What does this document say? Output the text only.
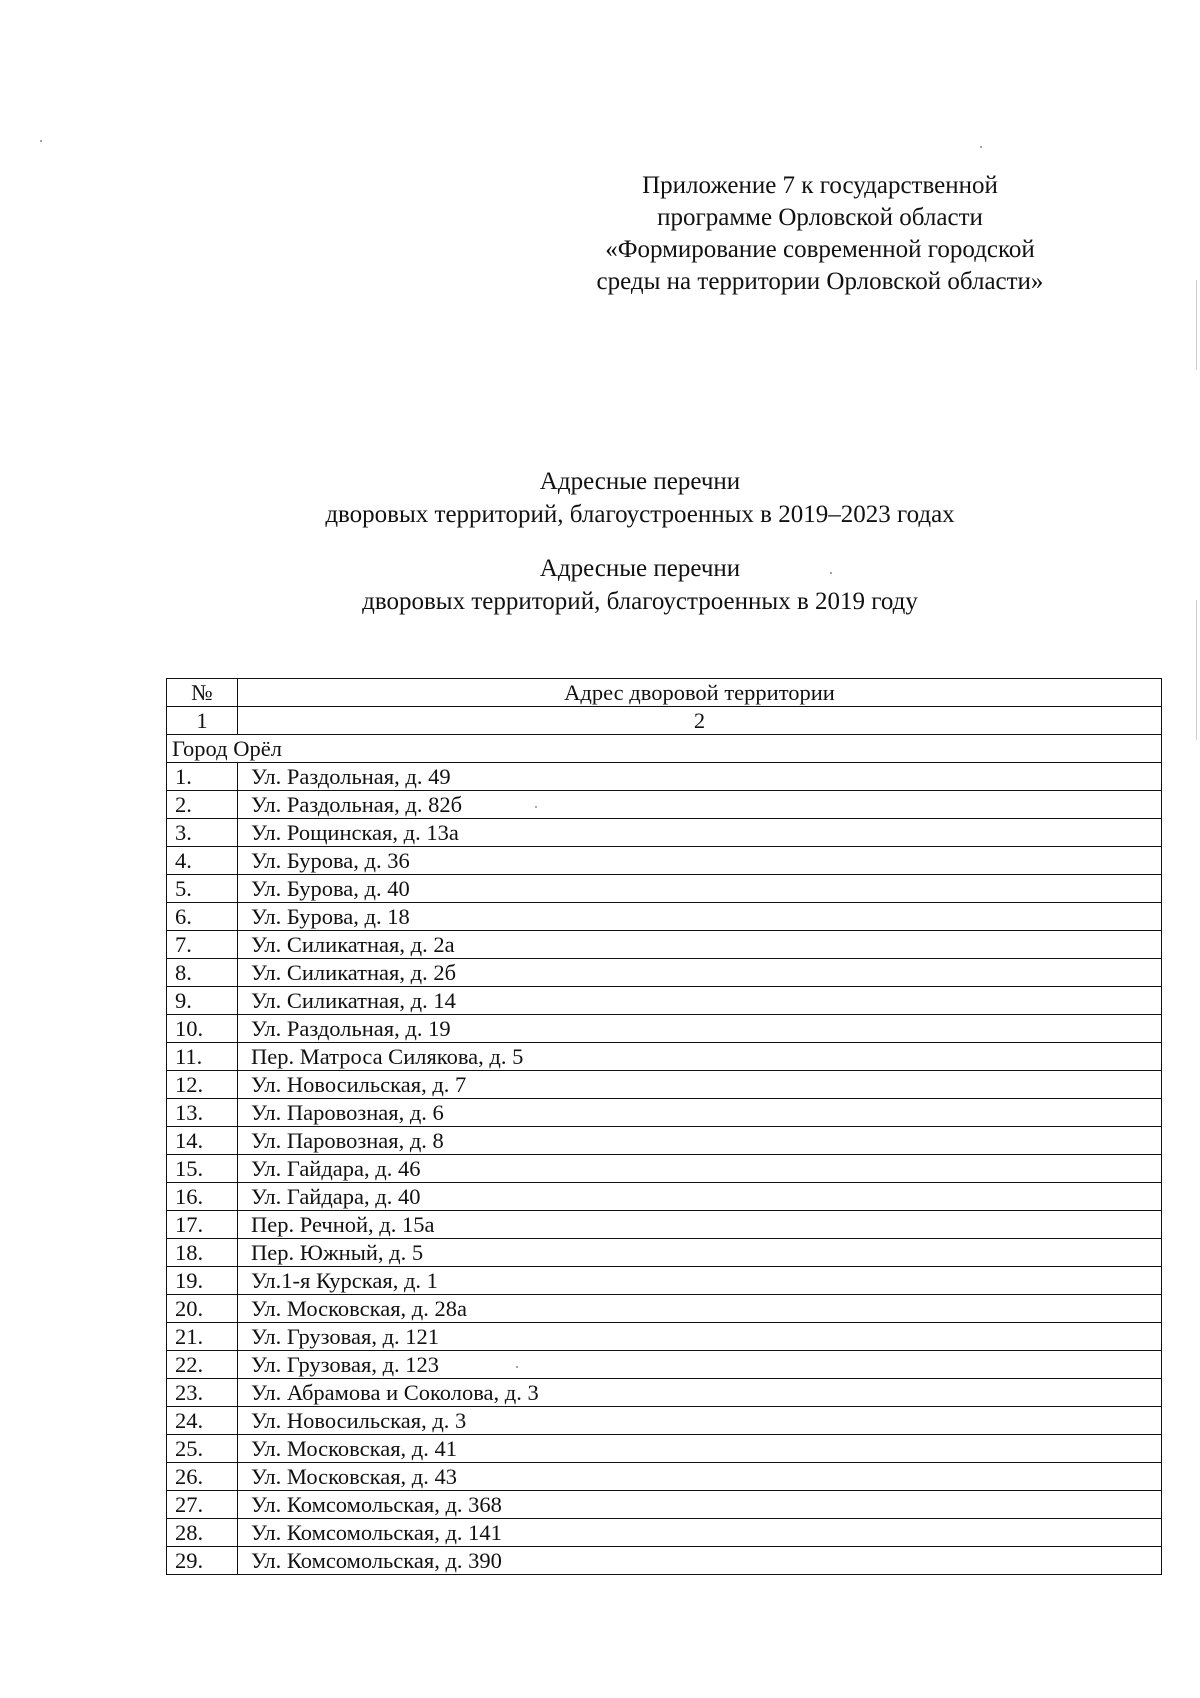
Приложение 7 к государственной
программе Орловской области
«Формирование современной городской
среды на территории Орловской области»
Адресные перечни
дворовых территорий, благоустроенных в 2019–2023 годах
Адресные перечни
дворовых территорий, благоустроенных в 2019 году
№	Адрес дворовой территории
1	2
Город Орёл	
1.	Ул. Раздольная, д. 49
2.	Ул. Раздольная, д. 82б
3.	Ул. Рощинская, д. 13а
4.	Ул. Бурова, д. 36
5.	Ул. Бурова, д. 40
6.	Ул. Бурова, д. 18
7.	Ул. Силикатная, д. 2а
8.	Ул. Силикатная, д. 2б
9.	Ул. Силикатная, д. 14
10.	Ул. Раздольная, д. 19
11.	Пер. Матроса Силякова, д. 5
12.	Ул. Новосильская, д. 7
13.	Ул. Паровозная, д. 6
14.	Ул. Паровозная, д. 8
15.	Ул. Гайдара, д. 46
16.	Ул. Гайдара, д. 40
17.	Пер. Речной, д. 15а
18.	Пер. Южный, д. 5
19.	Ул.1-я Курская, д. 1
20.	Ул. Московская, д. 28а
21.	Ул. Грузовая, д. 121
22.	Ул. Грузовая, д. 123
23.	Ул. Абрамова и Соколова, д. 3
24.	Ул. Новосильская, д. 3
25.	Ул. Московская, д. 41
26.	Ул. Московская, д. 43
27.	Ул. Комсомольская, д. 368
28.	Ул. Комсомольская, д. 141
29.	Ул. Комсомольская, д. 390
